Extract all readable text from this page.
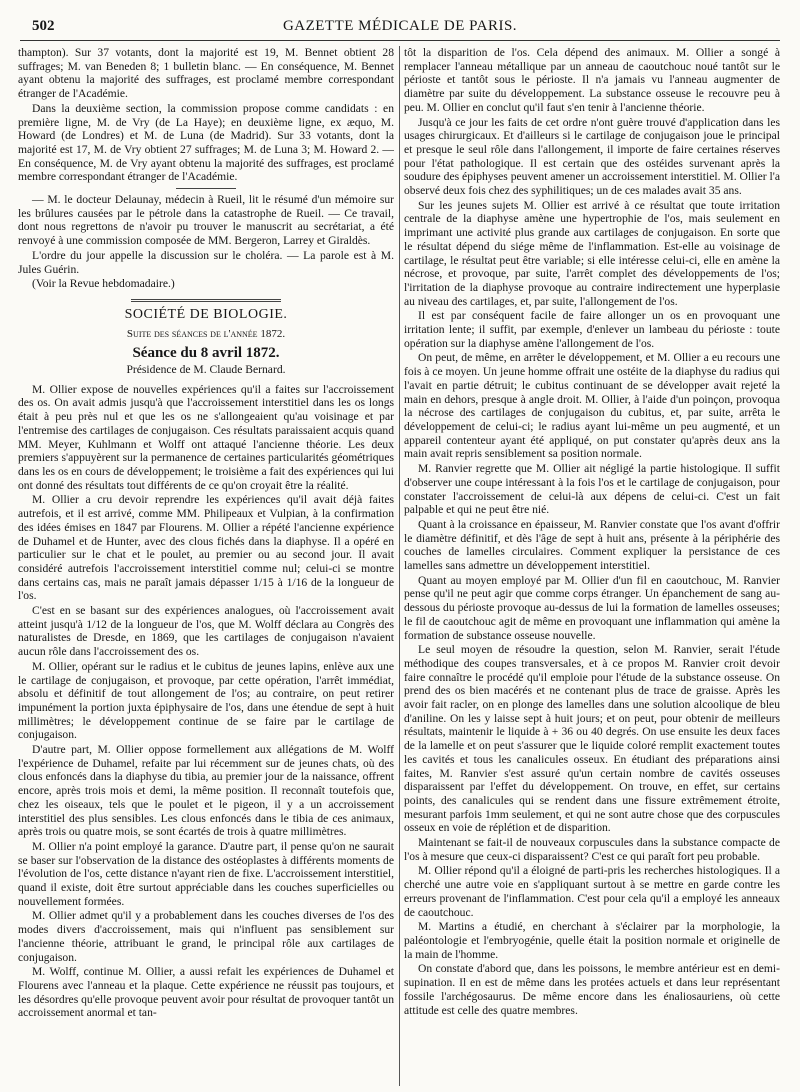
502	GAZETTE MÉDICALE DE PARIS.

thampton). Sur 37 votants, dont la majorité est 19, M. Bennet obtient 28 suffrages; M. van Beneden 8; 1 bulletin blanc. — En conséquence, M. Bennet ayant obtenu la majorité des suffrages, est proclamé membre correspondant étranger de l'Académie.

Dans la deuxième section, la commission propose comme candidats : en première ligne, M. de Vry (de La Haye); en deuxième ligne, ex æquo, M. Howard (de Londres) et M. de Luna (de Madrid). Sur 33 votants, dont la majorité est 17, M. de Vry obtient 27 suffrages; M. de Luna 3; M. Howard 2. — En conséquence, M. de Vry ayant obtenu la majorité des suffrages, est proclamé membre correspondant étranger de l'Académie.

— M. le docteur Delaunay, médecin à Rueil, lit le résumé d'un mémoire sur les brûlures causées par le pétrole dans la catastrophe de Rueil. — Ce travail, dont nous regrettons de n'avoir pu trouver le manuscrit au secrétariat, a été renvoyé à une commission composée de MM. Bergeron, Larrey et Giraldès.

L'ordre du jour appelle la discussion sur le choléra. — La parole est à M. Jules Guérin.

(Voir la Revue hebdomadaire.)

SOCIÉTÉ DE BIOLOGIE.
Suite des séances de l'année 1872.
Séance du 8 avril 1872.
Présidence de M. Claude Bernard.

M. Ollier expose de nouvelles expériences qu'il a faites sur l'accroissement des os. On avait admis jusqu'à que l'accroissement interstitiel dans les os longs était à peu près nul et que les os ne s'allongeaient qu'au voisinage et par l'entremise des cartilages de conjugaison. Ces résultats paraissaient acquis quand MM. Meyer, Kuhlmann et Wolff ont attaqué l'ancienne théorie. Les deux premiers s'appuyèrent sur la permanence de certaines particularités géométriques dans les os en cours de développement; le troisième a fait des expériences qui lui ont donné des résultats tout différents de ce qu'on croyait être la réalité.

M. Ollier a cru devoir reprendre les expériences qu'il avait déjà faites autrefois, et il est arrivé, comme MM. Philipeaux et Vulpian, à la confirmation des idées émises en 1847 par Flourens. M. Ollier a répété l'ancienne expérience de Duhamel et de Hunter, avec des clous fichés dans la diaphyse. Il a opéré en particulier sur le chat et le poulet, au premier ou au second jour. Il avait considéré autrefois l'accroissement interstitiel comme nul; celui-ci se montre dans certains cas, mais ne paraît jamais dépasser 1/15 à 1/16 de la longueur de l'os.

C'est en se basant sur des expériences analogues, où l'accroissement avait atteint jusqu'à 1/12 de la longueur de l'os, que M. Wolff déclara au Congrès des naturalistes de Dresde, en 1869, que les cartilages de conjugaison n'avaient aucun rôle dans l'accroissement des os.

M. Ollier, opérant sur le radius et le cubitus de jeunes lapins, enlève aux une le cartilage de conjugaison, et provoque, par cette opération, l'arrêt immédiat, absolu et définitif de tout allongement de l'os; au contraire, on peut retirer impunément la portion juxta épiphysaire de l'os, dans une étendue de sept à huit millimètres; le développement continue de se faire par le cartilage de conjugaison.

D'autre part, M. Ollier oppose formellement aux allégations de M. Wolff l'expérience de Duhamel, refaite par lui récemment sur de jeunes chats, où des clous enfoncés dans la diaphyse du tibia, au premier jour de la naissance, offrent encore, après trois mois et demi, la même position. Il reconnaît toutefois que, chez les oiseaux, tels que le poulet et le pigeon, il y a un accroissement interstitiel des plus sensibles. Les clous enfoncés dans le tibia de ces animaux, après trois ou quatre mois, se sont écartés de trois à quatre millimètres.

M. Ollier n'a point employé la garance. D'autre part, il pense qu'on ne saurait se baser sur l'observation de la distance des ostéoplastes à différents moments de l'évolution de l'os, cette distance n'ayant rien de fixe. L'accroissement interstitiel, quand il existe, doit être surtout appréciable dans les couches superficielles ou nouvellement formées.

M. Ollier admet qu'il y a probablement dans les couches diverses de l'os des modes divers d'accroissement, mais qui n'influent pas sensiblement sur l'ancienne théorie, attribuant le grand, le principal rôle aux cartilages de conjugaison.

M. Wolff, continue M. Ollier, a aussi refait les expériences de Duhamel et Flourens avec l'anneau et la plaque. Cette expérience ne réussit pas toujours, et les désordres qu'elle provoque peuvent avoir pour résultat de provoquer tantôt un accroissement anormal et tan-

tôt la disparition de l'os. Cela dépend des animaux. M. Ollier a songé à remplacer l'anneau métallique par un anneau de caoutchouc noué tantôt sur le périoste et tantôt sous le périoste. Il n'a jamais vu l'anneau augmenter de diamètre par suite du développement. La substance osseuse le recouvre peu à peu. M. Ollier en conclut qu'il faut s'en tenir à l'ancienne théorie.

Jusqu'à ce jour les faits de cet ordre n'ont guère trouvé d'application dans les usages chirurgicaux. Et d'ailleurs si le cartilage de conjugaison joue le principal et presque le seul rôle dans l'allongement, il importe de faire certaines réserves pour l'état pathologique. Il est certain que des ostéides survenant après la soudure des épiphyses peuvent amener un accroissement interstitiel. M. Ollier l'a observé deux fois chez des syphilitiques; un de ces malades avait 35 ans.

Sur les jeunes sujets M. Ollier est arrivé à ce résultat que toute irritation centrale de la diaphyse amène une hypertrophie de l'os, mais seulement en imprimant une activité plus grande aux cartilages de conjugaison. En sorte que le résultat dépend du siége même de l'inflammation. Est-elle au voisinage de cartilage, le résultat peut être variable; si elle intéresse celui-ci, elle en amène la nécrose, et provoque, par suite, l'arrêt complet des développements de l'os; l'irritation de la diaphyse provoque au contraire indirectement une hyperplasie au niveau des cartilages, et, par suite, l'allongement de l'os.

Il est par conséquent facile de faire allonger un os en provoquant une irritation lente; il suffit, par exemple, d'enlever un lambeau du périoste : toute opération sur la diaphyse amène l'allongement de l'os.

On peut, de même, en arrêter le développement, et M. Ollier a eu recours une fois à ce moyen. Un jeune homme offrait une ostéite de la diaphyse du radius qui l'avait en partie détruit; le cubitus continuant de se développer avait rejeté la main en dehors, presque à angle droit. M. Ollier, à l'aide d'un poinçon, provoqua la nécrose des cartilages de conjugaison du cubitus, et, par suite, arrêta le développement de celui-ci; le radius ayant lui-même un peu augmenté, et un appareil contenteur ayant été appliqué, on put constater qu'après deux ans la main avait repris sensiblement sa position normale.

M. Ranvier regrette que M. Ollier ait négligé la partie histologique. Il suffit d'observer une coupe intéressant à la fois l'os et le cartilage de conjugaison, pour constater l'accroissement de celui-là aux dépens de celui-ci. C'est un fait palpable et qui ne peut être nié.

Quant à la croissance en épaisseur, M. Ranvier constate que l'os avant d'offrir le diamètre définitif, et dès l'âge de sept à huit ans, présente à la périphérie des couches de lamelles circulaires. Comment expliquer la persistance de ces lamelles sans admettre un développement interstitiel.

Quant au moyen employé par M. Ollier d'un fil en caoutchouc, M. Ranvier pense qu'il ne peut agir que comme corps étranger. Un épanchement de sang au-dessous du périoste provoque au-dessus de lui la formation de lamelles osseuses; le fil de caoutchouc agit de même en provoquant une inflammation qui amène la formation de substance osseuse nouvelle.

Le seul moyen de résoudre la question, selon M. Ranvier, serait l'étude méthodique des coupes transversales, et à ce propos M. Ranvier croit devoir faire connaître le procédé qu'il emploie pour l'étude de la substance osseuse. On prend des os bien macérés et ne contenant plus de trace de graisse. Après les avoir fait racler, on en plonge des lamelles dans une solution alcoolique de bleu d'aniline. On les y laisse sept à huit jours; et on peut, pour obtenir de meilleurs résultats, maintenir le liquide à + 36 ou 40 degrés. On use ensuite les deux faces de la lamelle et on peut s'assurer que le liquide coloré remplit exactement toutes les cavités et tous les canalicules osseux. En étudiant des préparations ainsi faites, M. Ranvier s'est assuré qu'un certain nombre de cavités osseuses disparaissent par l'effet du développement. On trouve, en effet, sur certains points, des canalicules qui se rendent dans une fissure extrêmement étroite, mesurant parfois 1mm seulement, et qui ne sont autre chose que des corpuscules osseux en voie de réplétion et de disparition.

Maintenant se fait-il de nouveaux corpuscules dans la substance compacte de l'os à mesure que ceux-ci disparaissent? C'est ce qui paraît fort peu probable.

M. Ollier répond qu'il a éloigné de parti-pris les recherches histologiques. Il a cherché une autre voie en s'appliquant surtout à se mettre en garde contre les erreurs provenant de l'inflammation. C'est pour cela qu'il a employé les anneaux de caoutchouc.

M. Martins a étudié, en cherchant à s'éclairer par la morphologie, la paléontologie et l'embryogénie, quelle était la position normale et originelle de la main de l'homme.

On constate d'abord que, dans les poissons, le membre antérieur est en demi-supination. Il en est de même dans les protées actuels et dans leur représentant fossile l'archégosaurus. De même encore dans les énaliosauriens, où cette attitude est celle des quatre membres.
